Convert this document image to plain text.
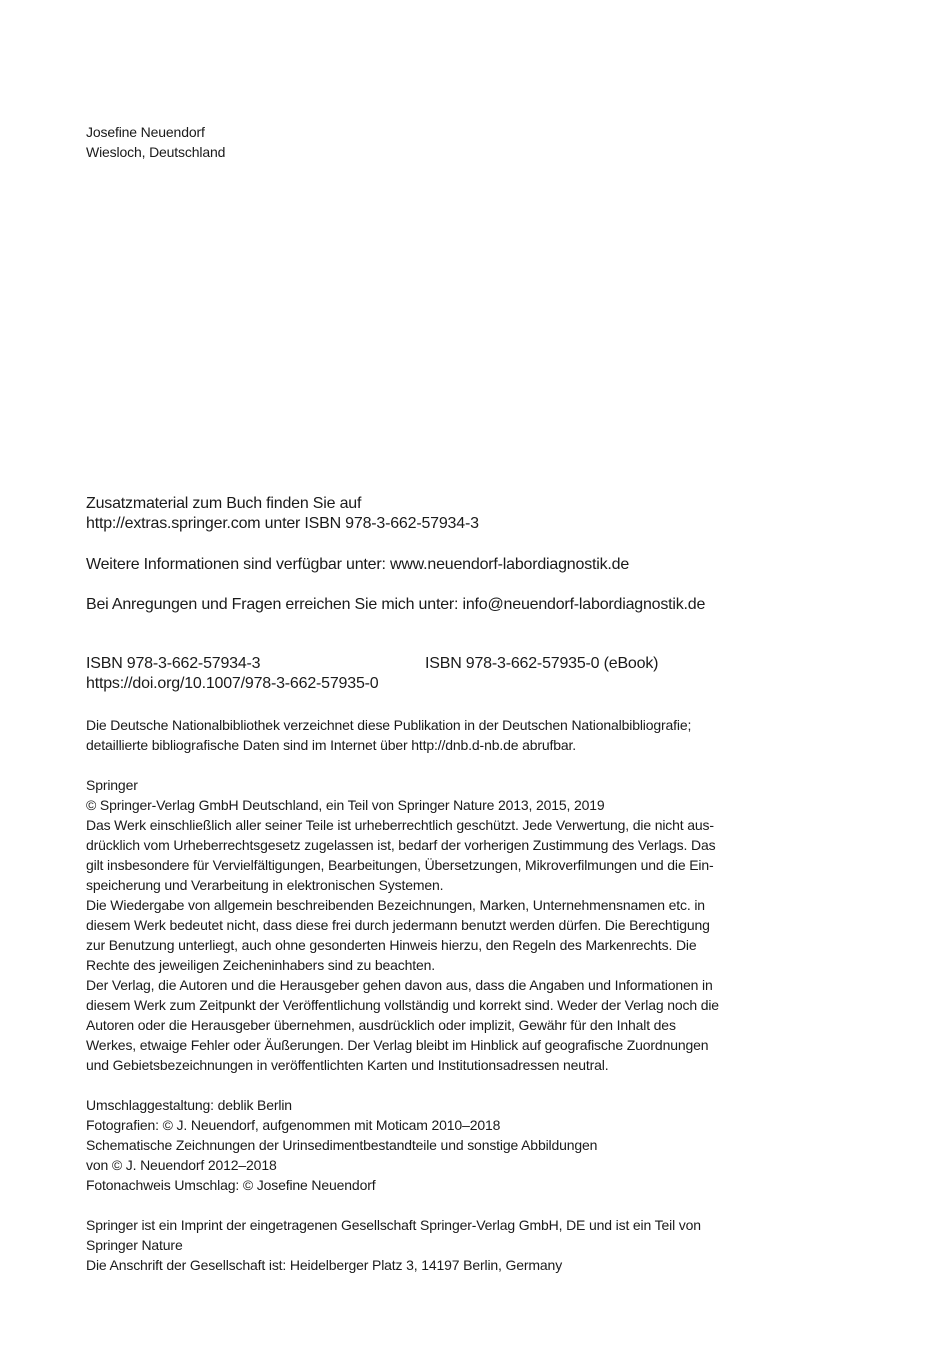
Josefine Neuendorf
Wiesloch, Deutschland
Zusatzmaterial zum Buch finden Sie auf
http://extras.springer.com unter ISBN 978-3-662-57934-3
Weitere Informationen sind verfügbar unter: www.neuendorf-labordiagnostik.de
Bei Anregungen und Fragen erreichen Sie mich unter: info@neuendorf-labordiagnostik.de
ISBN 978-3-662-57934-3	ISBN 978-3-662-57935-0 (eBook)
https://doi.org/10.1007/978-3-662-57935-0
Die Deutsche Nationalbibliothek verzeichnet diese Publikation in der Deutschen Nationalbibliografie;
detaillierte bibliografische Daten sind im Internet über http://dnb.d-nb.de abrufbar.
Springer
© Springer-Verlag GmbH Deutschland, ein Teil von Springer Nature 2013, 2015, 2019
Das Werk einschließlich aller seiner Teile ist urheberrechtlich geschützt. Jede Verwertung, die nicht aus-
drücklich vom Urheberrechtsgesetz zugelassen ist, bedarf der vorherigen Zustimmung des Verlags. Das
gilt insbesondere für Vervielfältigungen, Bearbeitungen, Übersetzungen, Mikroverfilmungen und die Ein-
speicherung und Verarbeitung in elektronischen Systemen.
Die Wiedergabe von allgemein beschreibenden Bezeichnungen, Marken, Unternehmensnamen etc. in
diesem Werk bedeutet nicht, dass diese frei durch jedermann benutzt werden dürfen. Die Berechtigung
zur Benutzung unterliegt, auch ohne gesonderten Hinweis hierzu, den Regeln des Markenrechts. Die
Rechte des jeweiligen Zeicheninhabers sind zu beachten.
Der Verlag, die Autoren und die Herausgeber gehen davon aus, dass die Angaben und Informationen in
diesem Werk zum Zeitpunkt der Veröffentlichung vollständig und korrekt sind. Weder der Verlag noch die
Autoren oder die Herausgeber übernehmen, ausdrücklich oder implizit, Gewähr für den Inhalt des
Werkes, etwaige Fehler oder Äußerungen. Der Verlag bleibt im Hinblick auf geografische Zuordnungen
und Gebietsbezeichnungen in veröffentlichten Karten und Institutionsadressen neutral.
Umschlaggestaltung: deblik Berlin
Fotografien: © J. Neuendorf, aufgenommen mit Moticam 2010–2018
Schematische Zeichnungen der Urinsedimentbestandteile und sonstige Abbildungen
von © J. Neuendorf 2012–2018
Fotonachweis Umschlag: © Josefine Neuendorf
Springer ist ein Imprint der eingetragenen Gesellschaft Springer-Verlag GmbH, DE und ist ein Teil von
Springer Nature
Die Anschrift der Gesellschaft ist: Heidelberger Platz 3, 14197 Berlin, Germany
